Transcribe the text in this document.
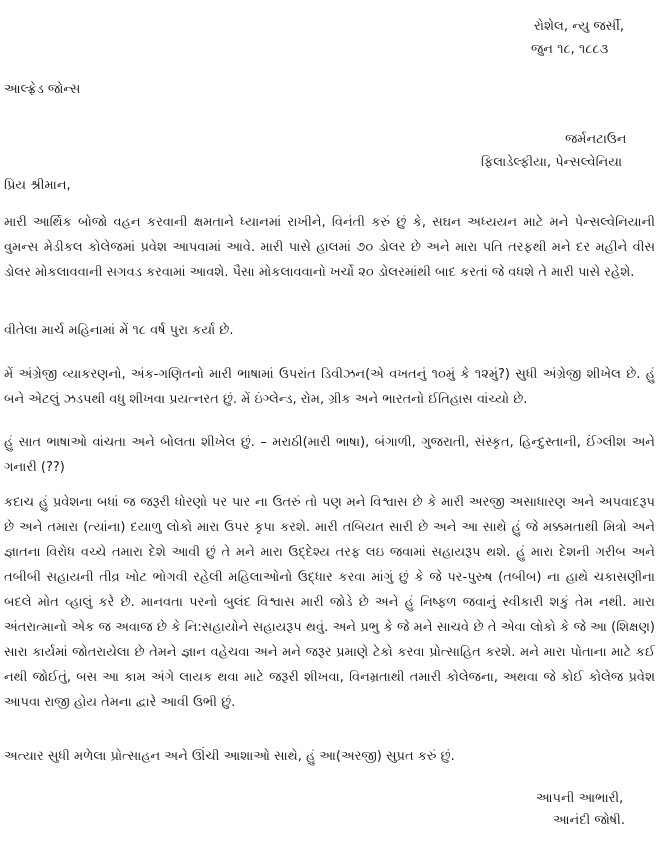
રોશેલ, ન્યુ જર્સી,
જુન ૧૮, ૧૮૮૩
આલ્ફ્રેડ જોન્સ
જર્મનટાઉન
ફિલાડેલ્ફીયા, પેન્સલ્વેનિયા
પ્રિય શ્રીમાન,
મારી આર્થિક બોજો વહન કરવાની ક્ષમતાને ધ્યાનમાં રાખીને, વિનંતી કરું છું કે, સઘન અધ્યયન માટે મને પેન્સલ્વેનિયાની વુમન્સ મેડીકલ કોલેજમાં પ્રવેશ આપવામાં આવે. મારી પાસે હાલમાં ૭૦ ડોલર છે અને મારા પતિ તરફથી મને દર મહીને વીસ ડોલર મોકલાવવાની સગવડ કરવામાં આવશે. પૈસા મોકલાવવાનો ખર્ચો ૨૦ ડોલરમાંથી બાદ કરતાં જે વધશે તે મારી પાસે રહેશે.
વીતેલા માર્ચ મહિનામાં મેં ૧૮ વર્ષ પુરા કર્યા છે.
મેં અંગ્રેજી વ્યાકરણનો, અંક-ગણિતનો મારી ભાષામાં ઉપરાંત ડિવીઝન(એ વખતનું ૧૦મું કે ૧૨મું?) સુધી અંગ્રેજી શીખેલ છે. હું બને એટલું ઝડપથી વધુ શીખવા પ્રયત્નરત છું. મેં ઇંગ્લેન્ડ, રોમ, ગ્રીક અને ભારતનો ઈતિહાસ વાંચ્યો છે.
હું સાત ભાષાઓ વાંચતા અને બોલતા શીખેલ છું. – મરાઠી(મારી ભાષા), બંગાળી, ગુજરાતી, સંસ્કૃત, હિન્દુસ્તાની, ઈંગ્લીશ અને ગનારી (??)
કદાચ હું પ્રવેશના બધાં જ જરૂરી ધોરણો પર પાર ના ઉતરું તો પણ મને વિશ્વાસ છે કે મારી અરજી અસાધારણ અને અપવાદરૂપ છે અને તમારા (ત્યાંના) દયાળુ લોકો મારા ઉપર કૃપા કરશે. મારી તબિયત સારી છે અને આ સાથે હું જે મક્કમતાથી મિત્રો અને જ્ઞાતના વિરોધ વચ્ચે તમારા દેશે આવી છું તે મને મારા ઉદ્દેશ્ય તરફ લઇ જવામાં સહાયરૂપ થશે. હું મારા દેશની ગરીબ અને તબીબી સહાયની તીવ્ર ખોટ ભોગવી રહેલી મહિલાઓનો ઉદ્ધાર કરવા માંગું છું કે જે પર-પુરુષ (તબીબ) ના હાથે ચકાસણીના બદલે મોત વ્હાલું કરે છે. માનવતા પરનો બુલંદ વિશ્વાસ મારી જોડે છે અને હું નિષ્ફળ જવાનું સ્વીકારી શકું તેમ નથી. મારા અંતરાત્માનો એક જ અવાજ છે કે નિ:સહાયોને સહાયરૂપ થવું. અને પ્રભુ કે જે મને સાચવે છે તે એવા લોકો કે જે આ (શિક્ષણ) સારા કાર્યમાં જોતરાયેલા છે તેમને જ્ઞાન વહેચવા અને મને જરૂર પ્રમાણે ટેકો કરવા પ્રોત્સાહિત કરશે. મને મારા પોતાના માટે કઈ નથી જોઈતું, બસ આ કામ અંગે લાયક થવા માટે જરૂરી શીખવા, વિનમ્રતાથી તમારી કોલેજના, અથવા જે કોઈ કોલેજ પ્રવેશ આપવા રાજી હોય તેમના દ્વારે આવી ઉભી છું.
અત્યાર સુધી મળેલા પ્રોત્સાહન અને ઊંચી આશાઓ સાથે, હું આ(અરજી) સુપ્રત કરું છું.
આપની આભારી,
આનંદી જોષી.
